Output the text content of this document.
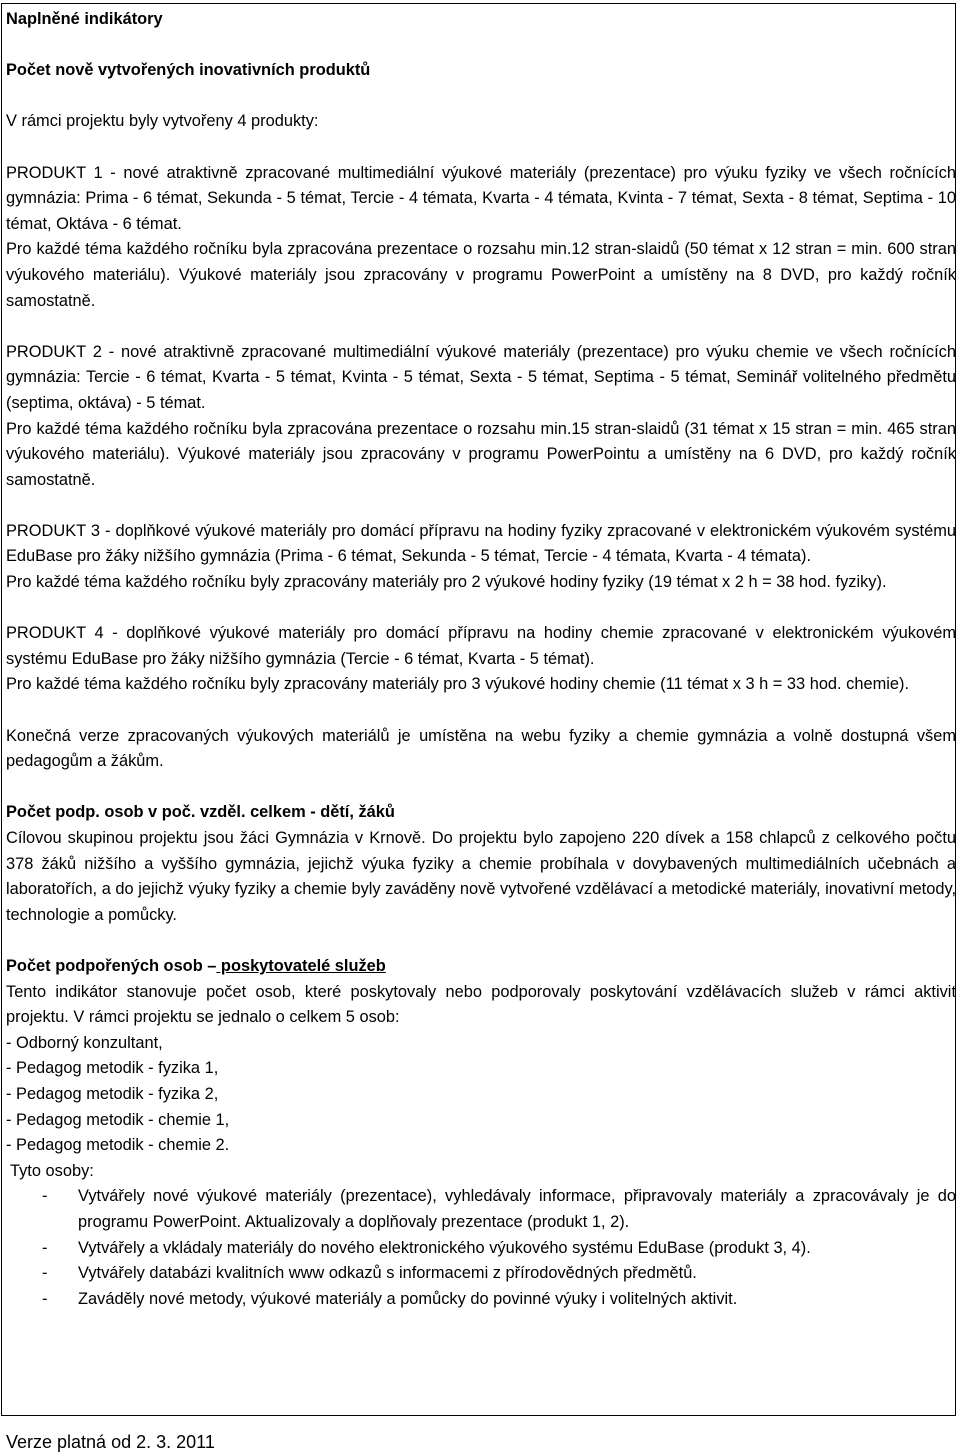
Naplněné indikátory

Počet nově vytvořených inovativních produktů

V rámci projektu byly vytvořeny 4 produkty:

PRODUKT 1 - nové atraktivně zpracované multimediální výukové materiály (prezentace) pro výuku fyziky ve všech ročnících gymnázia: Prima - 6 témat, Sekunda - 5 témat, Tercie - 4 témata, Kvarta - 4 témata, Kvinta - 7 témat, Sexta - 8 témat, Septima - 10 témat, Oktáva - 6 témat.

Pro každé téma každého ročníku byla zpracována prezentace o rozsahu min.12 stran-slaidů (50 témat x 12 stran = min. 600 stran výukového materiálu). Výukové materiály jsou zpracovány v programu PowerPoint a umístěny na 8 DVD, pro každý ročník samostatně.

PRODUKT 2 - nové atraktivně zpracované multimediální výukové materiály (prezentace) pro výuku chemie ve všech ročnících gymnázia: Tercie - 6 témat, Kvarta - 5 témat, Kvinta - 5 témat, Sexta - 5 témat, Septima - 5 témat, Seminář volitelného předmětu (septima, oktáva) - 5 témat.

Pro každé téma každého ročníku byla zpracována prezentace o rozsahu min.15 stran-slaidů (31 témat x 15 stran = min. 465 stran výukového materiálu). Výukové materiály jsou zpracovány v programu PowerPointu a umístěny na 6 DVD, pro každý ročník samostatně.

PRODUKT 3 - doplňkové výukové materiály pro domácí přípravu na hodiny fyziky zpracované v elektronickém výukovém systému EduBase pro žáky nižšího gymnázia (Prima - 6 témat, Sekunda - 5 témat, Tercie - 4 témata, Kvarta - 4 témata).

Pro každé téma každého ročníku byly zpracovány materiály pro 2 výukové hodiny fyziky (19 témat x 2 h = 38 hod. fyziky).

PRODUKT 4 - doplňkové výukové materiály pro domácí přípravu na hodiny chemie zpracované v elektronickém výukovém systému EduBase pro žáky nižšího gymnázia (Tercie - 6 témat, Kvarta - 5 témat).

Pro každé téma každého ročníku byly zpracovány materiály pro 3 výukové hodiny chemie (11 témat x 3 h = 33 hod. chemie).

Konečná verze zpracovaných výukových materiálů je umístěna na webu fyziky a chemie gymnázia a volně dostupná všem pedagogům a žákům.

Počet podp. osob v poč. vzděl. celkem - dětí, žáků

Cílovou skupinou projektu jsou žáci Gymnázia v Krnově. Do projektu bylo zapojeno 220 dívek a 158 chlapců z celkového počtu 378 žáků nižšího a vyššího gymnázia, jejichž výuka fyziky a chemie probíhala v dovybavených multimediálních učebnách a laboratořích, a do jejichž výuky fyziky a chemie byly zaváděny nově vytvořené vzdělávací a metodické materiály, inovativní metody, technologie a pomůcky.

Počet podpořených osob – poskytovatelé služeb

Tento indikátor stanovuje počet osob, které poskytovaly nebo podporovaly poskytování vzdělávacích služeb v rámci aktivit projektu. V rámci projektu se jednalo o celkem 5 osob:

- Odborný konzultant,
- Pedagog metodik - fyzika 1,
- Pedagog metodik - fyzika 2,
- Pedagog metodik - chemie 1,
- Pedagog metodik - chemie 2.

Tyto osoby:

- Vytvářely nové výukové materiály (prezentace), vyhledávaly informace, připravovaly materiály a zpracovávaly je do programu PowerPoint. Aktualizovaly a doplňovaly prezentace (produkt 1, 2).
- Vytvářely a vkládaly materiály do nového elektronického výukového systému EduBase (produkt 3, 4).
- Vytvářely databázi kvalitních www odkazů s informacemi z přírodovědných předmětů.
- Zaváděly nové metody, výukové materiály a pomůcky do povinné výuky i volitelných aktivit.
Verze platná od 2. 3. 2011
